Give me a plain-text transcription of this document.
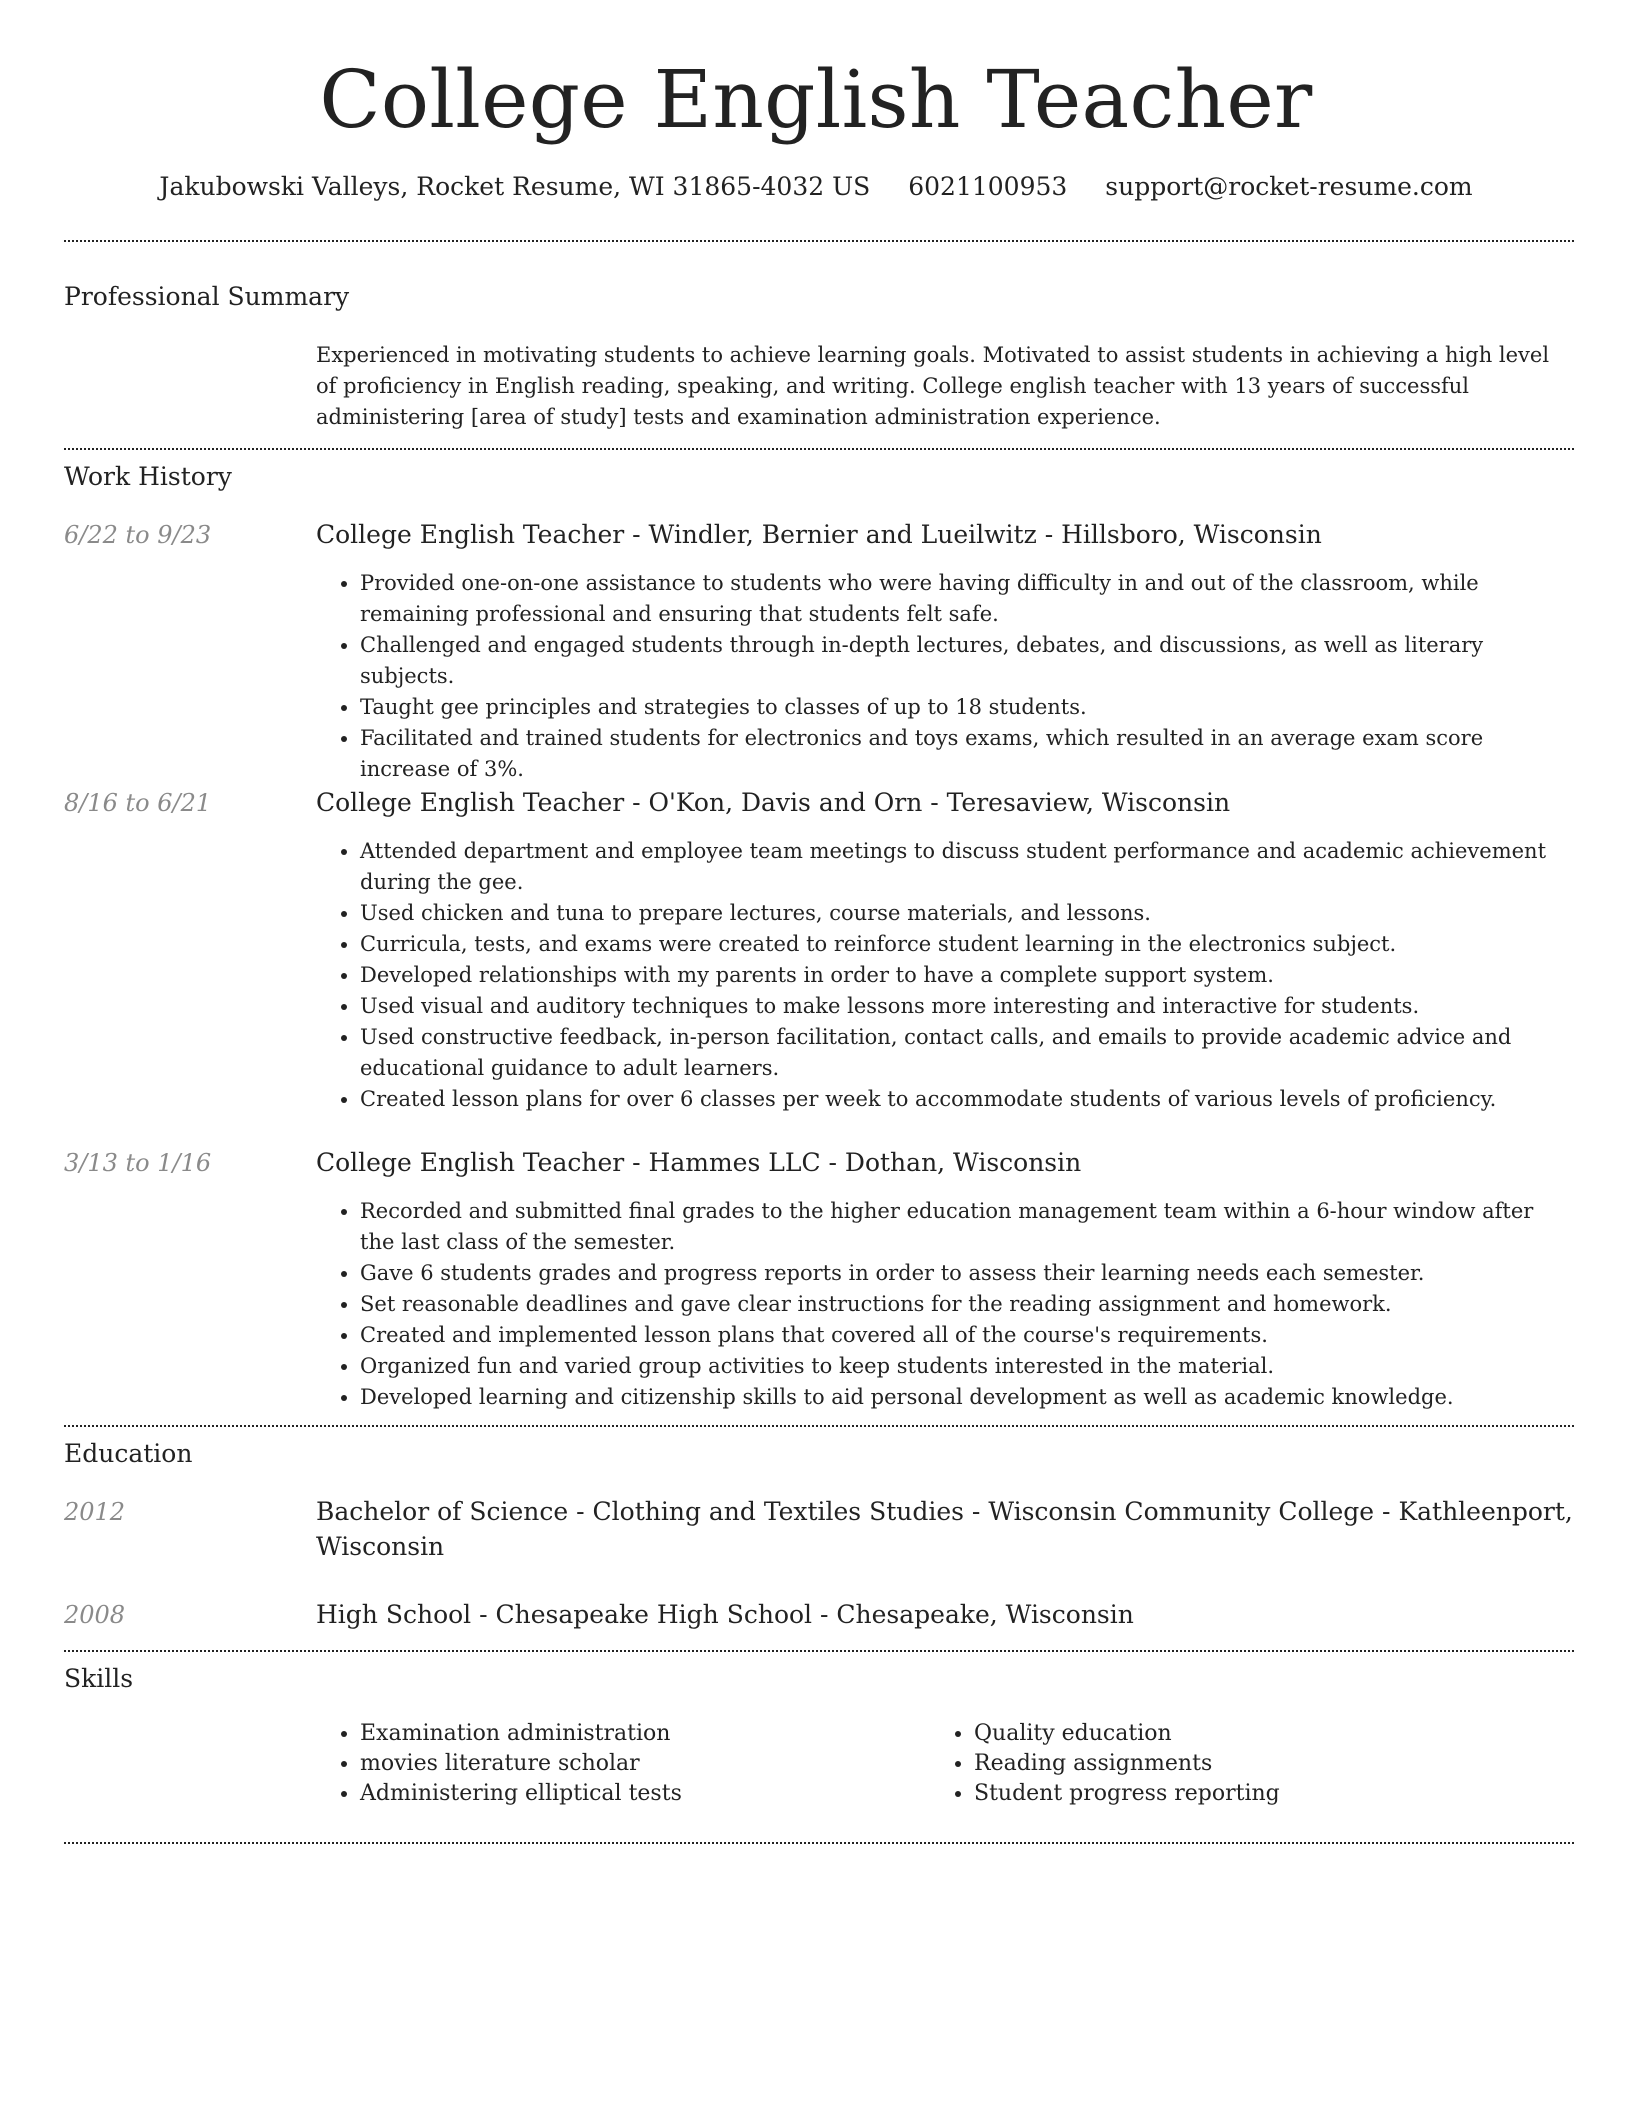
College English Teacher
Jakubowski Valleys, Rocket Resume, WI 31865-4032 US 6021100953 support@rocket-resume.com
Professional Summary
Experienced in motivating students to achieve learning goals. Motivated to assist students in achieving a high level of proficiency in English reading, speaking, and writing. College english teacher with 13 years of successful administering [area of study] tests and examination administration experience.
Work History
6/22 to 9/23	College English Teacher - Windler, Bernier and Lueilwitz - Hillsboro, Wisconsin
• Provided one-on-one assistance to students who were having difficulty in and out of the classroom, while remaining professional and ensuring that students felt safe.
• Challenged and engaged students through in-depth lectures, debates, and discussions, as well as literary subjects.
• Taught gee principles and strategies to classes of up to 18 students.
• Facilitated and trained students for electronics and toys exams, which resulted in an average exam score increase of 3%.
8/16 to 6/21	College English Teacher - O'Kon, Davis and Orn - Teresaview, Wisconsin
• Attended department and employee team meetings to discuss student performance and academic achievement during the gee.
• Used chicken and tuna to prepare lectures, course materials, and lessons.
• Curricula, tests, and exams were created to reinforce student learning in the electronics subject.
• Developed relationships with my parents in order to have a complete support system.
• Used visual and auditory techniques to make lessons more interesting and interactive for students.
• Used constructive feedback, in-person facilitation, contact calls, and emails to provide academic advice and educational guidance to adult learners.
• Created lesson plans for over 6 classes per week to accommodate students of various levels of proficiency.
3/13 to 1/16	College English Teacher - Hammes LLC - Dothan, Wisconsin
• Recorded and submitted final grades to the higher education management team within a 6-hour window after the last class of the semester.
• Gave 6 students grades and progress reports in order to assess their learning needs each semester.
• Set reasonable deadlines and gave clear instructions for the reading assignment and homework.
• Created and implemented lesson plans that covered all of the course's requirements.
• Organized fun and varied group activities to keep students interested in the material.
• Developed learning and citizenship skills to aid personal development as well as academic knowledge.
Education
2012	Bachelor of Science - Clothing and Textiles Studies - Wisconsin Community College - Kathleenport, Wisconsin
2008	High School - Chesapeake High School - Chesapeake, Wisconsin
Skills
• Examination administration
• movies literature scholar
• Administering elliptical tests
• Quality education
• Reading assignments
• Student progress reporting
